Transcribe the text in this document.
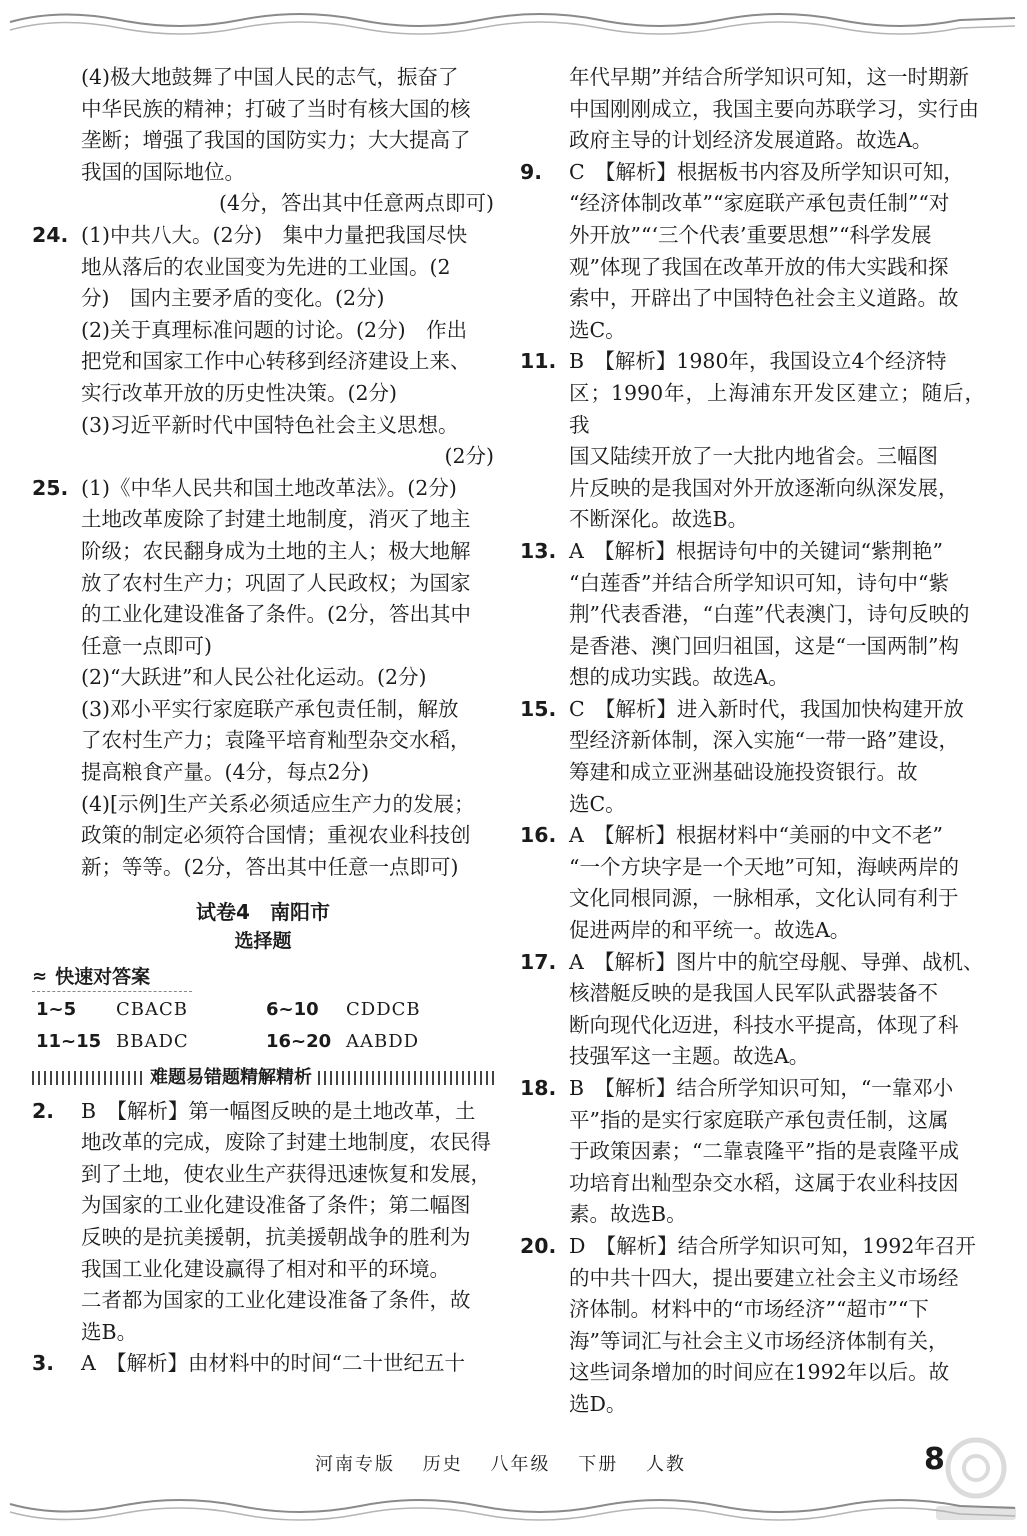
(4)极大地鼓舞了中国人民的志气，振奋了

中华民族的精神；打破了当时有核大国的核

垄断；增强了我国的国防实力；大大提高了

我国的国际地位。

(4分，答出其中任意两点即可)

24. (1)中共八大。(2分)　集中力量把我国尽快

地从落后的农业国变为先进的工业国。(2

分)　国内主要矛盾的变化。(2分)

(2)关于真理标准问题的讨论。(2分)　作出

把党和国家工作中心转移到经济建设上来、

实行改革开放的历史性决策。(2分)

(3)习近平新时代中国特色社会主义思想。

(2分)

25. (1)《中华人民共和国土地改革法》。(2分)

土地改革废除了封建土地制度，消灭了地主

阶级；农民翻身成为土地的主人；极大地解

放了农村生产力；巩固了人民政权；为国家

的工业化建设准备了条件。(2分，答出其中

任意一点即可)

(2)“大跃进”和人民公社化运动。(2分)

(3)邓小平实行家庭联产承包责任制，解放

了农村生产力；袁隆平培育籼型杂交水稻，

提高粮食产量。(4分，每点2分)

(4)[示例]生产关系必须适应生产力的发展；

政策的制定必须符合国情；重视农业科技创

新；等等。(2分，答出其中任意一点即可)

试卷4　南阳市
选择题
≈ 快速对答案
1~5	CBACB	6~10	CDDCB
11~15 BBADC	16~20 AABDD
难题易错题精解精析
2. B　【解析】第一幅图反映的是土地改革，土

地改革的完成，废除了封建土地制度，农民得

到了土地，使农业生产获得迅速恢复和发展，

为国家的工业化建设准备了条件；第二幅图

反映的是抗美援朝，抗美援朝战争的胜利为

我国工业化建设赢得了相对和平的环境。

二者都为国家的工业化建设准备了条件，故

选B。

3. A　【解析】由材料中的时间“二十世纪五十

年代早期”并结合所学知识可知，这一时期新

中国刚刚成立，我国主要向苏联学习，实行由

政府主导的计划经济发展道路。故选A。

9. C　【解析】根据板书内容及所学知识可知，

“经济体制改革”“家庭联产承包责任制”“对

外开放”“‘三个代表’重要思想”“科学发展

观”体现了我国在改革开放的伟大实践和探

索中，开辟出了中国特色社会主义道路。故

选C。

11. B　【解析】1980年，我国设立4个经济特

区；1990年，上海浦东开发区建立；随后，我

国又陆续开放了一大批内地省会。三幅图

片反映的是我国对外开放逐渐向纵深发展，

不断深化。故选B。

13. A　【解析】根据诗句中的关键词“紫荆艳”

“白莲香”并结合所学知识可知，诗句中“紫

荆”代表香港，“白莲”代表澳门，诗句反映的

是香港、澳门回归祖国，这是“一国两制”构

想的成功实践。故选A。

15. C　【解析】进入新时代，我国加快构建开放

型经济新体制，深入实施“一带一路”建设，

筹建和成立亚洲基础设施投资银行。故

选C。

16. A　【解析】根据材料中“美丽的中文不老”

“一个方块字是一个天地”可知，海峡两岸的

文化同根同源，一脉相承，文化认同有利于

促进两岸的和平统一。故选A。

17. A　【解析】图片中的航空母舰、导弹、战机、

核潜艇反映的是我国人民军队武器装备不

断向现代化迈进，科技水平提高，体现了科

技强军这一主题。故选A。

18. B　【解析】结合所学知识可知，“一靠邓小

平”指的是实行家庭联产承包责任制，这属

于政策因素；“二靠袁隆平”指的是袁隆平成

功培育出籼型杂交水稻，这属于农业科技因

素。故选B。

20. D　【解析】结合所学知识可知，1992年召开

的中共十四大，提出要建立社会主义市场经

济体制。材料中的“市场经济”“超市”“下

海”等词汇与社会主义市场经济体制有关，

这些词条增加的时间应在1992年以后。故

选D。

河南专版 历史 八年级 下册 人教	8
